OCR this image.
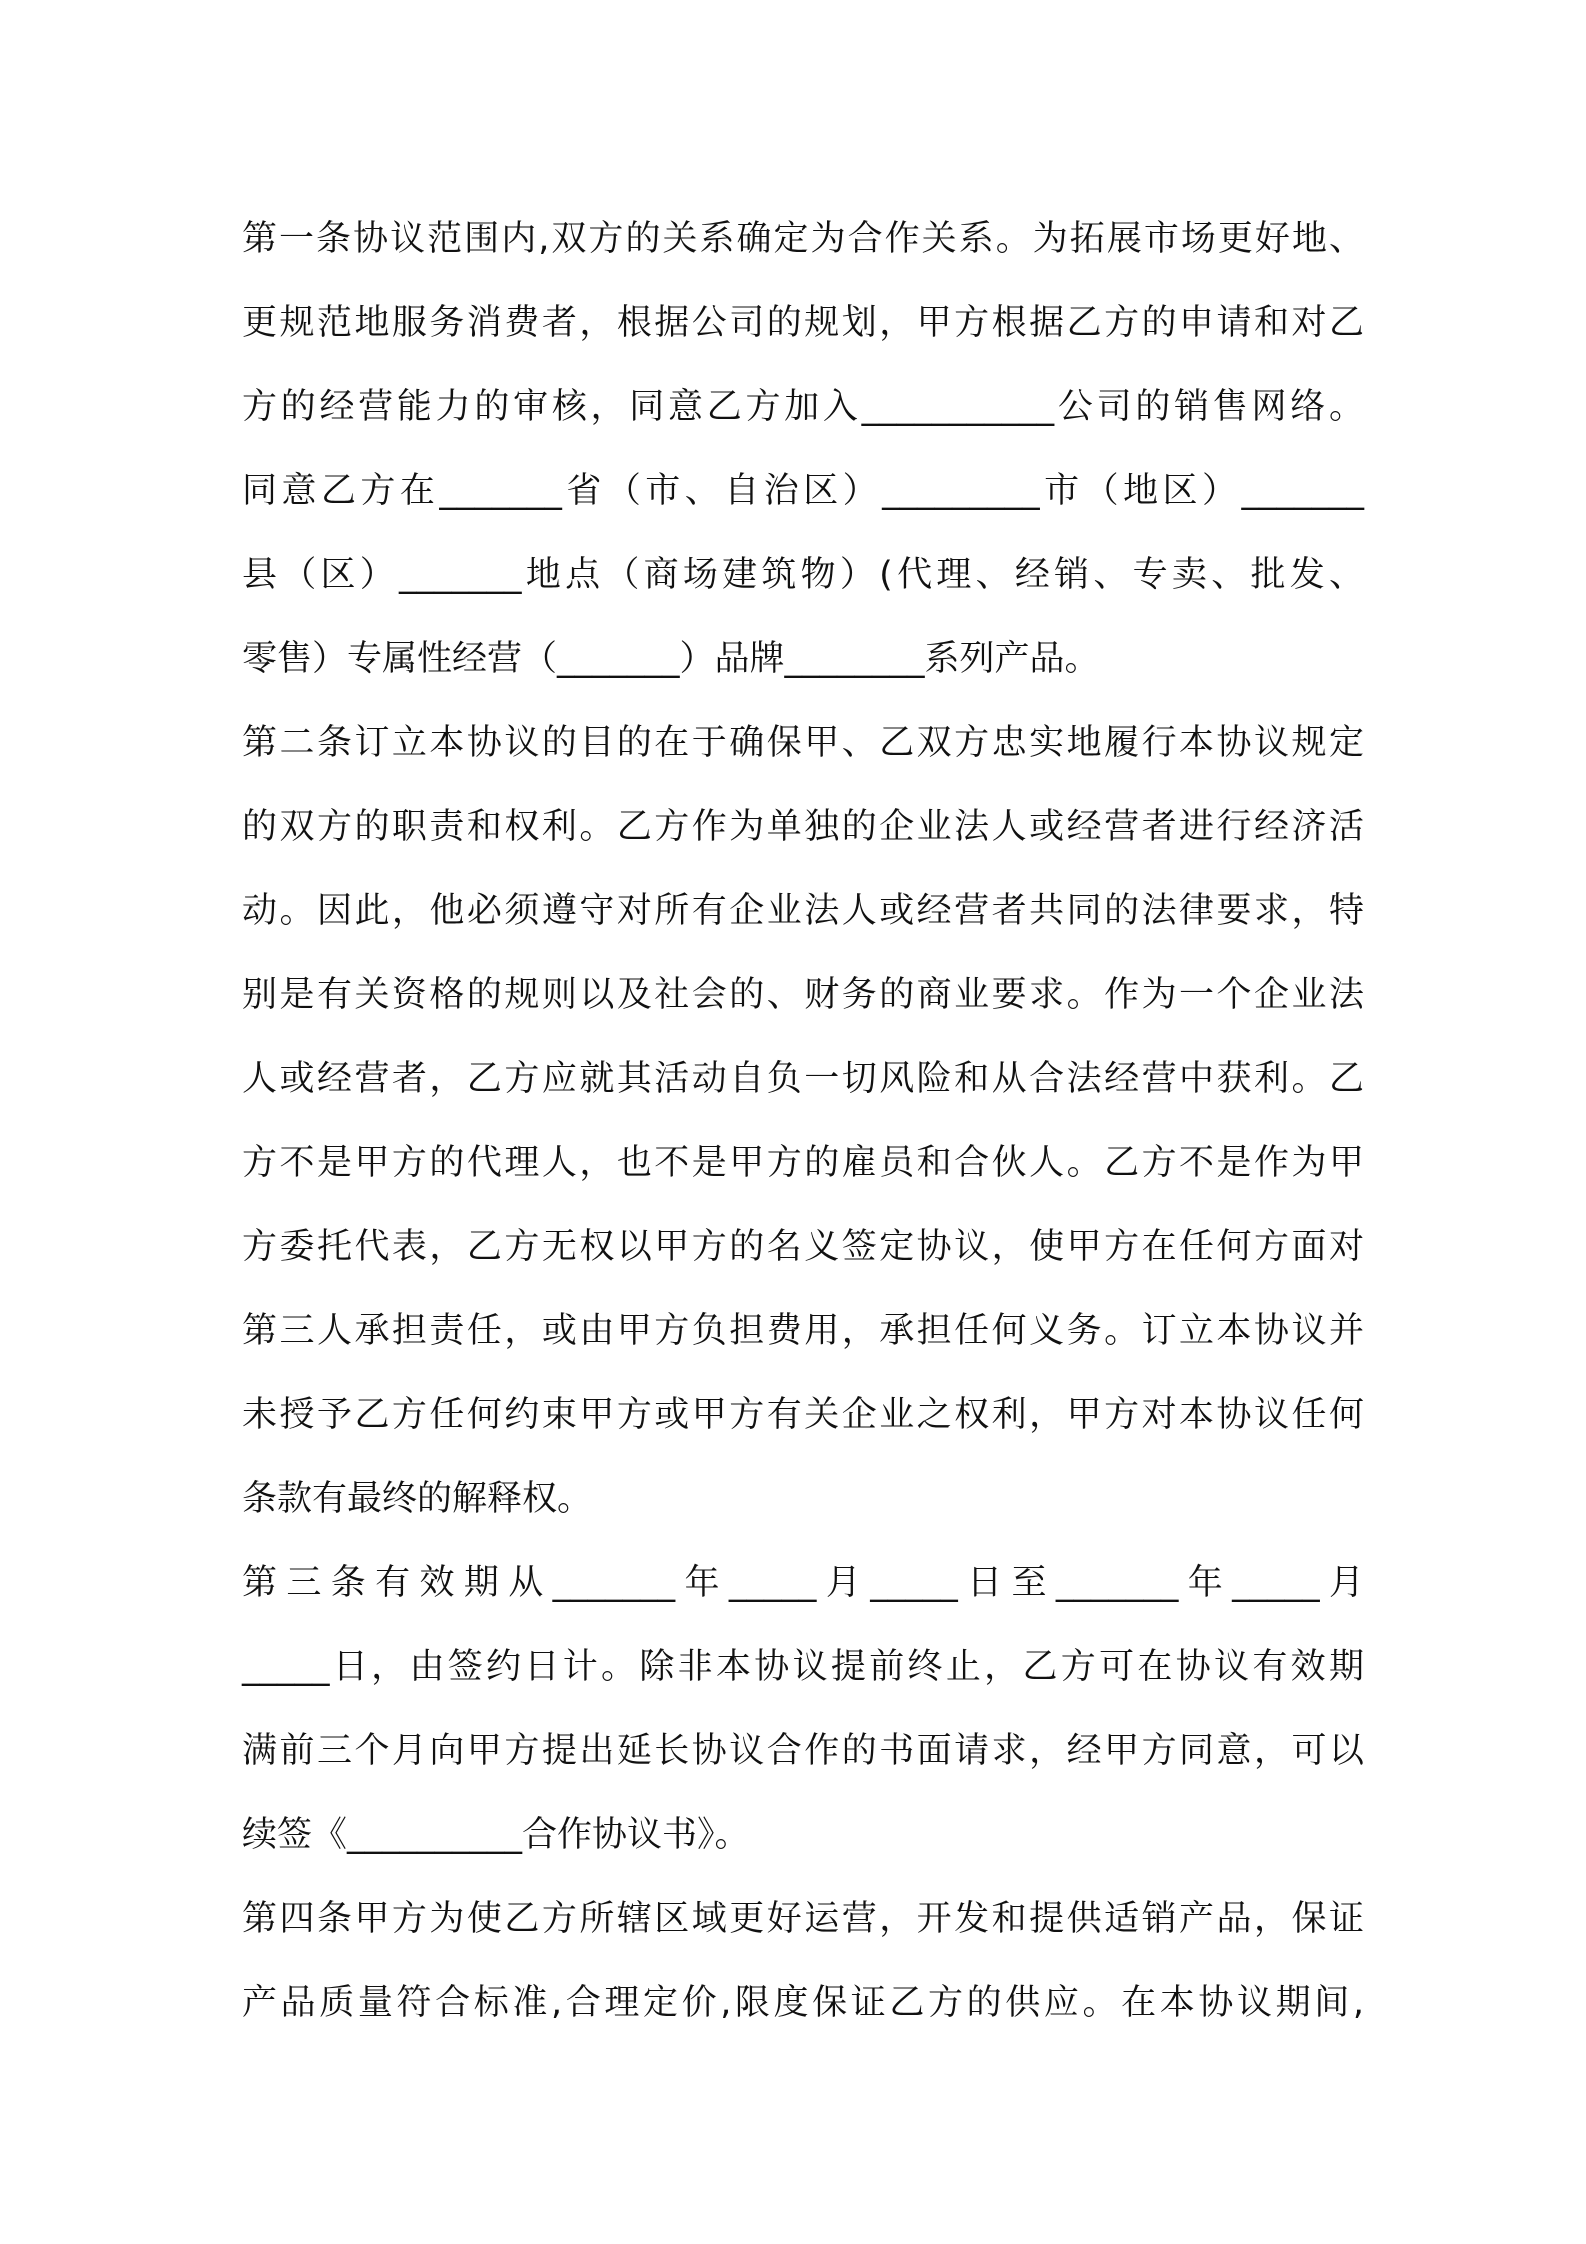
第一条协议范围内,双方的关系确定为合作关系。为拓展市场更好地、
更规范地服务消费者，根据公司的规划，甲方根据乙方的申请和对乙
方的经营能力的审核，同意乙方加入___________公司的销售网络。
同意乙方在_______省（市、自治区）_________市（地区）_______
县（区）_______地点（商场建筑物）(代理、经销、专卖、批发、
零售）专属性经营（_______）品牌________系列产品。
第二条订立本协议的目的在于确保甲、乙双方忠实地履行本协议规定
的双方的职责和权利。乙方作为单独的企业法人或经营者进行经济活
动。因此，他必须遵守对所有企业法人或经营者共同的法律要求，特
别是有关资格的规则以及社会的、财务的商业要求。作为一个企业法
人或经营者，乙方应就其活动自负一切风险和从合法经营中获利。乙
方不是甲方的代理人，也不是甲方的雇员和合伙人。乙方不是作为甲
方委托代表，乙方无权以甲方的名义签定协议，使甲方在任何方面对
第三人承担责任，或由甲方负担费用，承担任何义务。订立本协议并
未授予乙方任何约束甲方或甲方有关企业之权利，甲方对本协议任何
条款有最终的解释权。
第三条有效期从_______年_____月_____日至_______年_____月
_____日，由签约日计。除非本协议提前终止，乙方可在协议有效期
满前三个月向甲方提出延长协议合作的书面请求，经甲方同意，可以
续签《__________合作协议书》。
第四条甲方为使乙方所辖区域更好运营，开发和提供适销产品，保证
产品质量符合标准,合理定价,限度保证乙方的供应。在本协议期间,
